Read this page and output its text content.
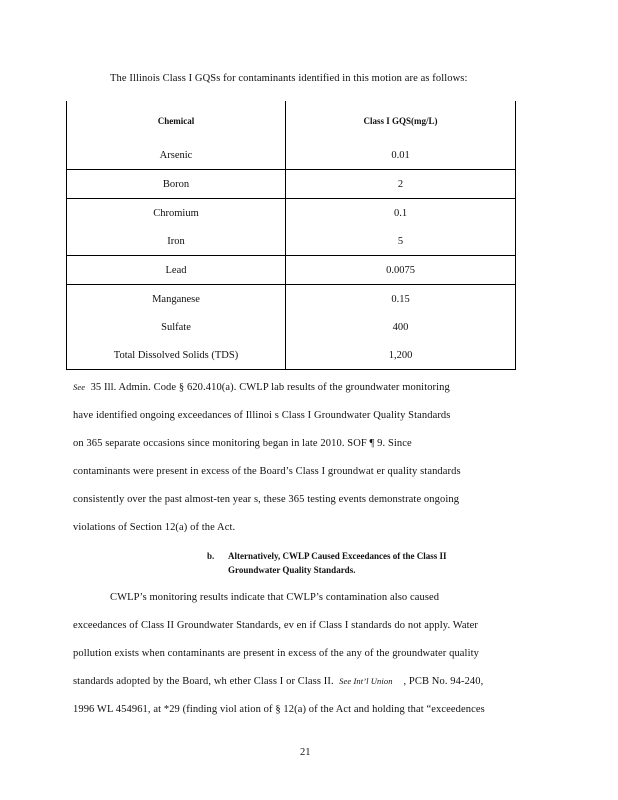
The Illinois Class I GQSs for contaminants identified in this motion are as follows:
Chemical	Class I GQS(mg/L)
Arsenic	0.01
Boron	2
Chromium	0.1
Iron	5
Lead	0.0075
Manganese	0.15
Sulfate	400
Total Dissolved Solids (TDS)	1,200
See 35 Ill. Admin. Code § 620.410(a). CWLP lab results of the groundwater monitoring
have identified ongoing exceedances of Illinoi s Class I Groundwater Quality Standards
on 365 separate occasions since monitoring began in late 2010. SOF ¶ 9. Since
contaminants were present in excess of the Board’s Class I groundwat er quality standards
consistently over the past almost-ten year s, these 365 testing events demonstrate ongoing
violations of Section 12(a) of the Act.
b. Alternatively, CWLP Caused Exceedances of the Class II
Groundwater Quality Standards.
CWLP’s monitoring results indicate that CWLP’s contamination also caused
exceedances of Class II Groundwater Standards, ev en if Class I standards do not apply. Water
pollution exists when contaminants are present in excess of the any of the groundwater quality
standards adopted by the Board, wh ether Class I or Class II. See Int’l Union , PCB No. 94-240,
1996 WL 454961, at *29 (finding viol ation of § 12(a) of the Act and holding that “exceedences
21
